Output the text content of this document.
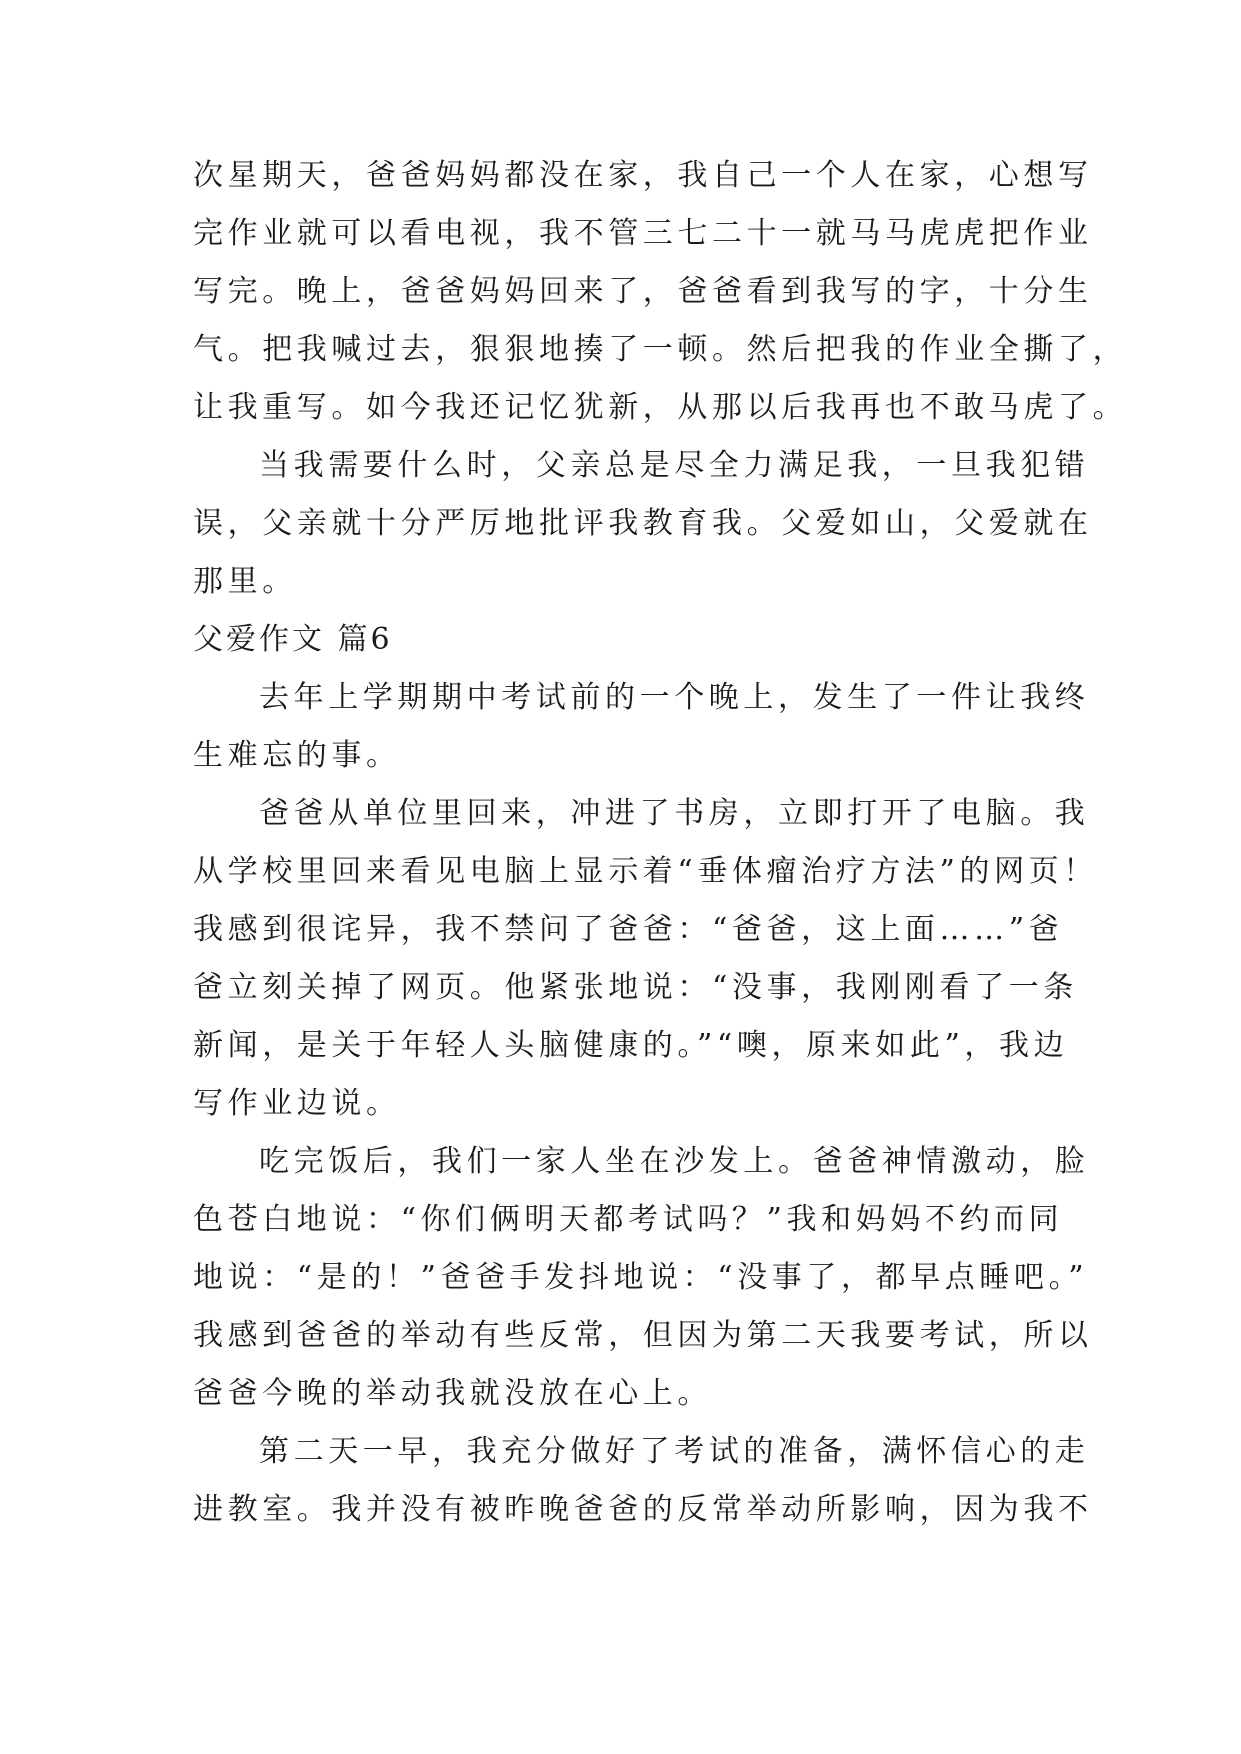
次星期天，爸爸妈妈都没在家，我自己一个人在家，心想写
完作业就可以看电视，我不管三七二十一就马马虎虎把作业
写完。晚上，爸爸妈妈回来了，爸爸看到我写的字，十分生
气。把我喊过去，狠狠地揍了一顿。然后把我的作业全撕了，
让我重写。如今我还记忆犹新，从那以后我再也不敢马虎了。
当我需要什么时，父亲总是尽全力满足我，一旦我犯错
误，父亲就十分严厉地批评我教育我。父爱如山，父爱就在
那里。
父爱作文 篇6
去年上学期期中考试前的一个晚上，发生了一件让我终
生难忘的事。
爸爸从单位里回来，冲进了书房，立即打开了电脑。我
从学校里回来看见电脑上显示着“垂体瘤治疗方法”的网页！
我感到很诧异，我不禁问了爸爸：“爸爸，这上面……”爸
爸立刻关掉了网页。他紧张地说：“没事，我刚刚看了一条
新闻，是关于年轻人头脑健康的。”“噢，原来如此”，我边
写作业边说。
吃完饭后，我们一家人坐在沙发上。爸爸神情激动，脸
色苍白地说：“你们俩明天都考试吗？”我和妈妈不约而同
地说：“是的！”爸爸手发抖地说：“没事了，都早点睡吧。”
我感到爸爸的举动有些反常，但因为第二天我要考试，所以
爸爸今晚的举动我就没放在心上。
第二天一早，我充分做好了考试的准备，满怀信心的走
进教室。我并没有被昨晚爸爸的反常举动所影响，因为我不
